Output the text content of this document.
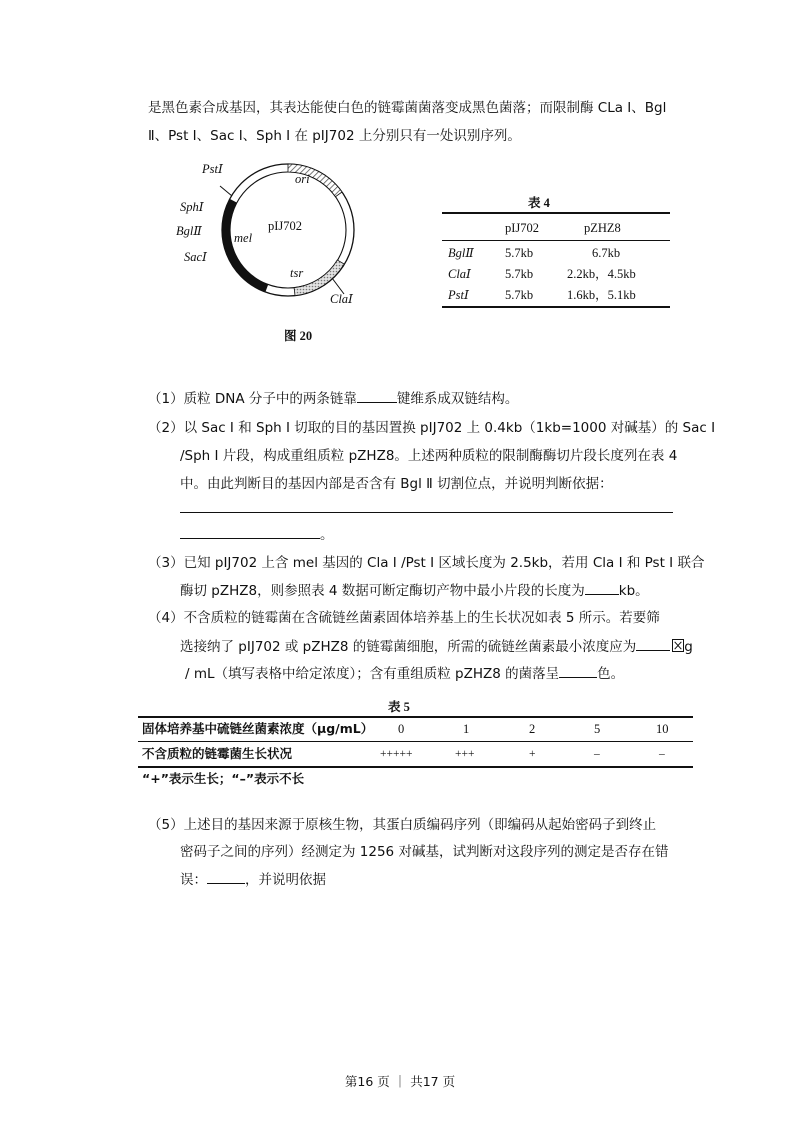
是黑色素合成基因，其表达能使白色的链霉菌菌落变成黑色菌落；而限制酶 CLa Ⅰ、Bgl
Ⅱ、Pst Ⅰ、Sac Ⅰ、Sph Ⅰ 在 pIJ702 上分别只有一处识别序列。
PstⅠ
ori
SphⅠ
pIJ702
BglⅡ	mel
SacⅠ
tsr
ClaⅠ
图 20
表 4
pIJ702	pZHZ8
BglⅡ 5.7kb	6.7kb
ClaⅠ	5.7kb	2.2kb，4.5kb
PstⅠ	5.7kb	1.6kb，5.1kb
（1）质粒 DNA 分子中的两条链靠	键维系成双链结构。
（2）以 Sac Ⅰ 和 Sph Ⅰ 切取的目的基因置换 pIJ702 上 0.4kb（1kb=1000 对碱基）的 Sac Ⅰ
/Sph Ⅰ 片段，构成重组质粒 pZHZ8。上述两种质粒的限制酶酶切片段长度列在表 4
中。由此判断目的基因内部是否含有 Bgl Ⅱ 切割位点，并说明判断依据：
。
（3）已知 pIJ702 上含 mel 基因的 Cla Ⅰ /Pst Ⅰ 区域长度为 2.5kb，若用 Cla Ⅰ 和 Pst Ⅰ 联合
酶切 pZHZ8，则参照表 4 数据可断定酶切产物中最小片段的长度为	kb。
（4）不含质粒的链霉菌在含硫链丝菌素固体培养基上的生长状况如表 5 所示。若要筛
选接纳了 pIJ702 或 pZHZ8 的链霉菌细胞，所需的硫链丝菌素最小浓度应为	g
/ mL（填写表格中给定浓度）；含有重组质粒 pZHZ8 的菌落呈	色。
表 5
固体培养基中硫链丝菌素浓度（μg/mL） 0	1	2	5	10
不含质粒的链霉菌生长状况	+++++	+++	+	–	–
“+”表示生长；“–”表示不长
（5）上述目的基因来源于原核生物，其蛋白质编码序列（即编码从起始密码子到终止
密码子之间的序列）经测定为 1256 对碱基，试判断对这段序列的测定是否存在错
误：	，并说明依据
第16 页 ｜ 共17 页
